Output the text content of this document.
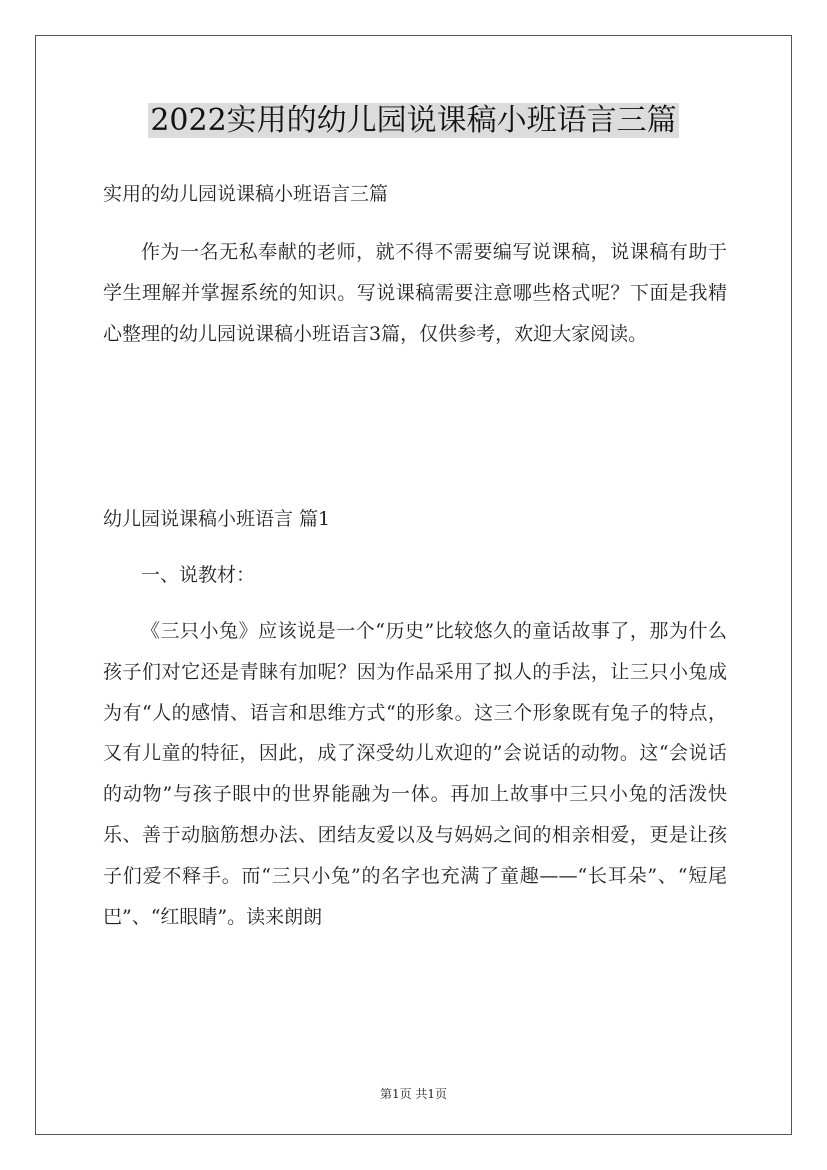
2022实用的幼儿园说课稿小班语言三篇
实用的幼儿园说课稿小班语言三篇

作为一名无私奉献的老师，就不得不需要编写说课稿，说课稿有助于学生理解并掌握系统的知识。写说课稿需要注意哪些格式呢？下面是我精心整理的幼儿园说课稿小班语言3篇，仅供参考，欢迎大家阅读。

幼儿园说课稿小班语言 篇1
一、说教材：

《三只小兔》应该说是一个“历史”比较悠久的童话故事了，那为什么孩子们对它还是青睐有加呢？因为作品采用了拟人的手法，让三只小兔成为有“人的感情、语言和思维方式“的形象。这三个形象既有兔子的特点，又有儿童的特征，因此，成了深受幼儿欢迎的”会说话的动物。这“会说话的动物”与孩子眼中的世界能融为一体。再加上故事中三只小兔的活泼快乐、善于动脑筋想办法、团结友爱以及与妈妈之间的相亲相爱，更是让孩子们爱不释手。而“三只小兔”的名字也充满了童趣——“长耳朵”、“短尾巴”、“红眼睛”。读来朗朗

第1页 共1页
